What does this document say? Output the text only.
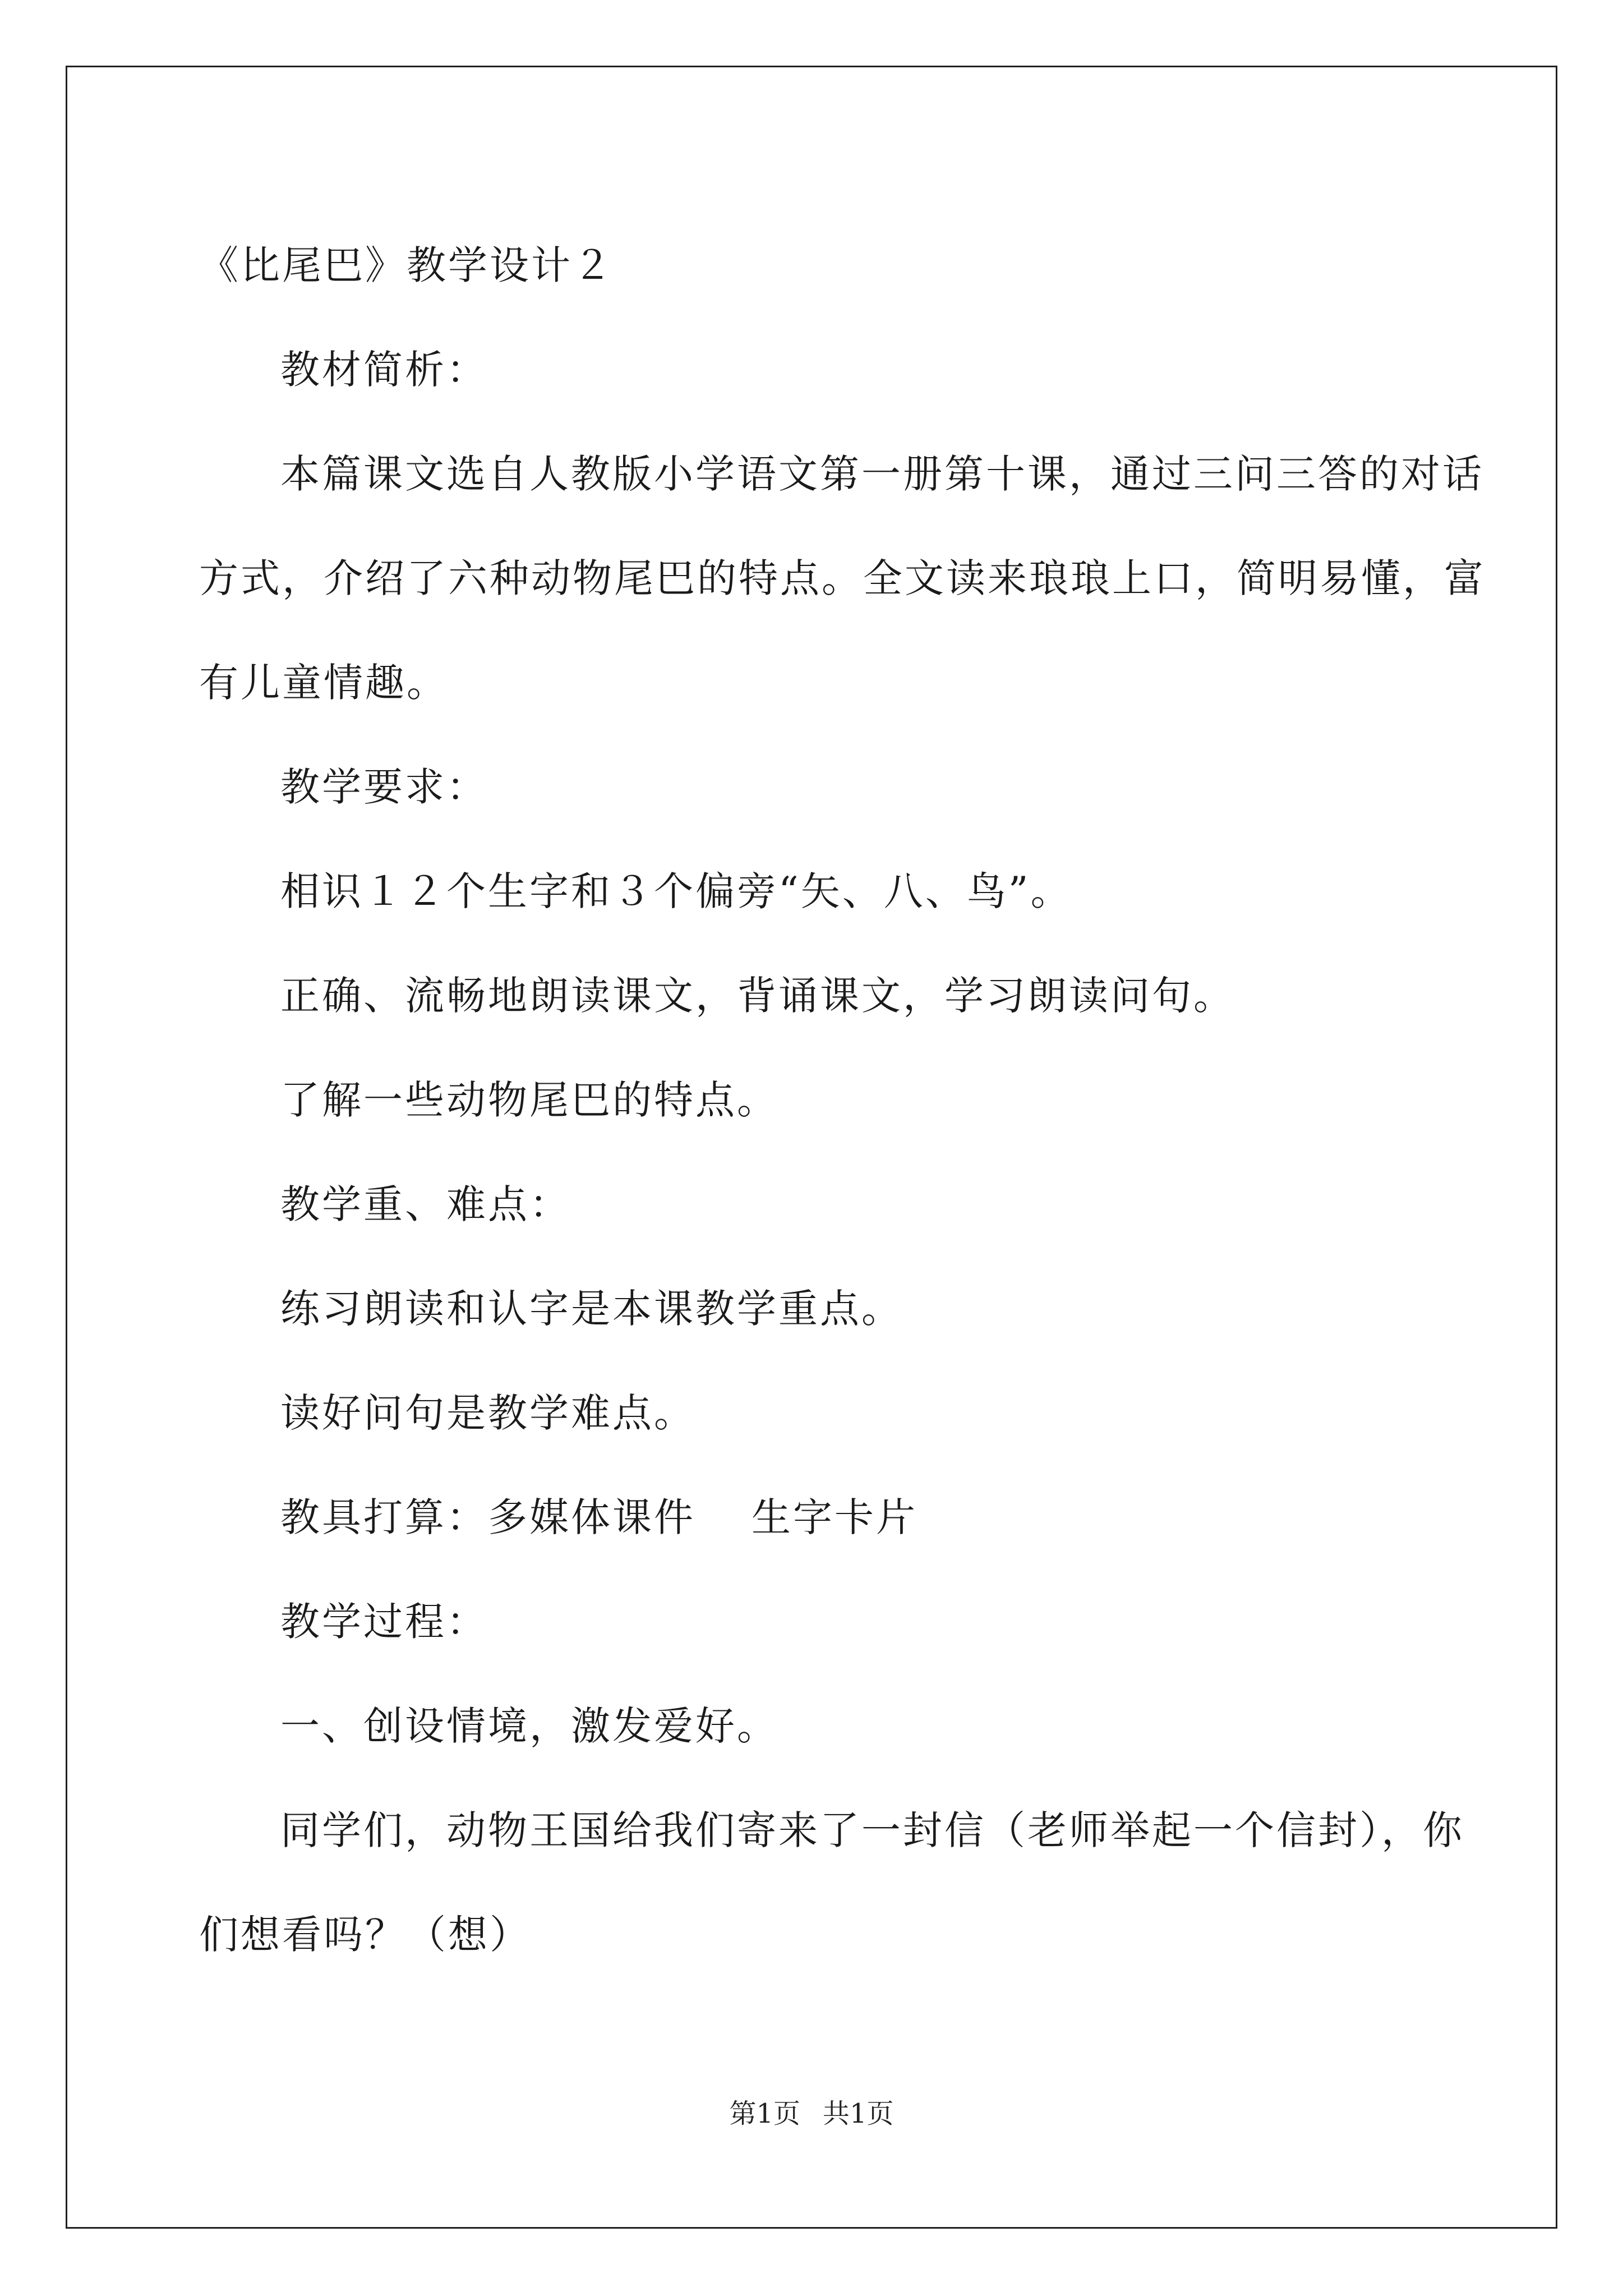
《比尾巴》教学设计２

教材简析：

本篇课文选自人教版小学语文第一册第十课，通过三问三答的对话方式，介绍了六种动物尾巴的特点。全文读来琅琅上口，简明易懂，富有儿童情趣。

教学要求：

相识１２个生字和３个偏旁“矢、八、鸟”。

正确、流畅地朗读课文，背诵课文，学习朗读问句。

了解一些动物尾巴的特点。

教学重、难点：

练习朗读和认字是本课教学重点。

读好问句是教学难点。

教具打算：多媒体课件 生字卡片

教学过程：

一、创设情境，激发爱好。

同学们，动物王国给我们寄来了一封信（老师举起一个信封），你们想看吗？（想）

第1页 共1页
